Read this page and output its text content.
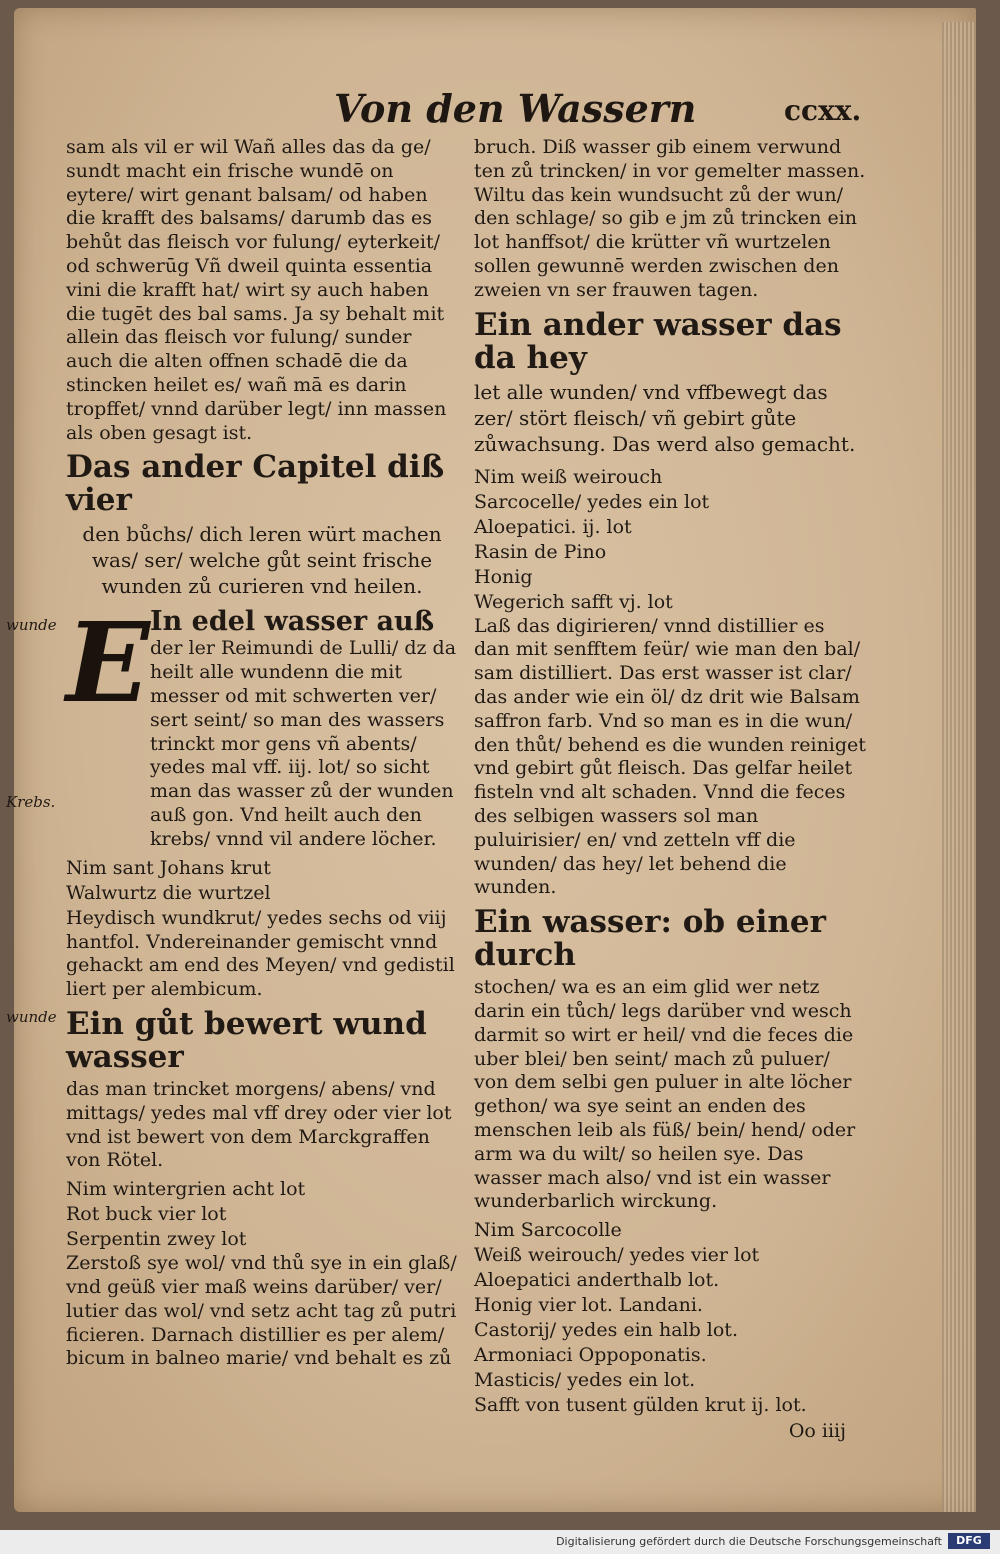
Von den Wassern	ccxx.
wunde
Krebs.
wunde

sam als vil er wil Wañ alles das da ge/ sundt macht ein frische wundē on eytere/ wirt genant balsam/ od haben die krafft des balsams/ darumb das es behůt das fleisch vor fulung/ eyterkeit/ od schwerūg Vñ dweil quinta essentia vini die krafft hat/ wirt sy auch haben die tugēt des bal sams. Ja sy behalt mit allein das fleisch vor fulung/ sunder auch die alten offnen schadē die da stincken heilet es/ wañ mā es darin tropffet/ vnnd darüber legt/ inn massen als oben gesagt ist.

Das ander Capitel diß vier

den bůchs/ dich leren würt machen was/ ser/ welche gůt seint frische wunden zů curieren vnd heilen.

E In edel wasser auß

der ler Reimundi de Lulli/ dz da heilt alle wundenn die mit messer od mit schwerten ver/ sert seint/ so man des wassers trinckt mor gens vñ abents/ yedes mal vff. iij. lot/ so sicht man das wasser zů der wunden auß gon. Vnd heilt auch den krebs/ vnnd vil andere löcher.

Nim sant Johans krut

Walwurtz die wurtzel

Heydisch wundkrut/ yedes sechs od viij

hantfol. Vndereinander gemischt vnnd gehackt am end des Meyen/ vnd gedistil liert per alembicum.

Ein gůt bewert wund wasser

das man trincket morgens/ abens/ vnd mittags/ yedes mal vff drey oder vier lot vnd ist bewert von dem Marckgraffen von Rötel.

Nim wintergrien acht lot

Rot buck vier lot

Serpentin zwey lot

Zerstoß sye wol/ vnd thů sye in ein glaß/ vnd geüß vier maß weins darüber/ ver/ lutier das wol/ vnd setz acht tag zů putri ficieren. Darnach distillier es per alem/ bicum in balneo marie/ vnd behalt es zů

bruch. Diß wasser gib einem verwund ten zů trincken/ in vor gemelter massen. Wiltu das kein wundsucht zů der wun/ den schlage/ so gib e jm zů trincken ein lot hanffsot/ die krütter vñ wurtzelen sollen gewunnē werden zwischen den zweien vn ser frauwen tagen.

Ein ander wasser das da hey

let alle wunden/ vnd vffbewegt das zer/ stört fleisch/ vñ gebirt gůte zůwachsung. Das werd also gemacht.

Nim weiß weirouch

Sarcocelle/ yedes ein lot

Aloepatici. ij. lot

Rasin de Pino

Honig

Wegerich safft vj. lot

Laß das digirieren/ vnnd distillier es dan mit senfftem feür/ wie man den bal/ sam distilliert. Das erst wasser ist clar/ das ander wie ein öl/ dz drit wie Balsam saffron farb. Vnd so man es in die wun/ den thůt/ behend es die wunden reiniget vnd gebirt gůt fleisch. Das gelfar heilet fisteln vnd alt schaden. Vnnd die feces des selbigen wassers sol man puluirisier/ en/ vnd zetteln vff die wunden/ das hey/ let behend die wunden.

Ein wasser: ob einer durch

stochen/ wa es an eim glid wer netz darin ein tůch/ legs darüber vnd wesch darmit so wirt er heil/ vnd die feces die uber blei/ ben seint/ mach zů puluer/ von dem selbi gen puluer in alte löcher gethon/ wa sye seint an enden des menschen leib als füß/ bein/ hend/ oder arm wa du wilt/ so heilen sye. Das wasser mach also/ vnd ist ein wasser wunderbarlich wirckung.

Nim Sarcocolle

Weiß weirouch/ yedes vier lot

Aloepatici anderthalb lot.

Honig vier lot. Landani.

Castorij/ yedes ein halb lot.

Armoniaci Oppoponatis.

Masticis/ yedes ein lot.

Safft von tusent gülden krut ij. lot.

Oo iiij

Digitalisierung gefördert durch die Deutsche Forschungsgemeinschaft	DFG
